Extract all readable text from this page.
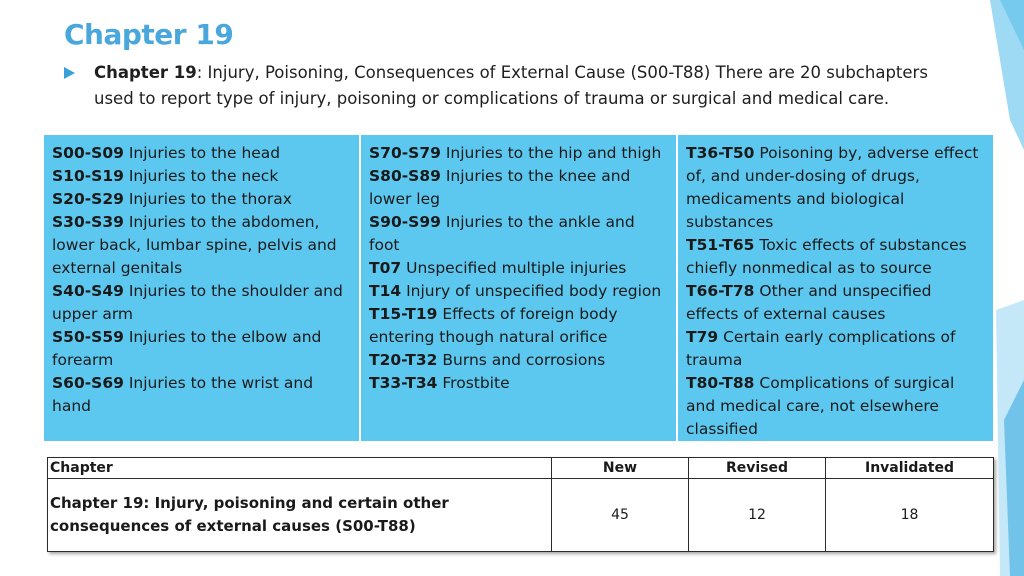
Chapter 19
Chapter 19: Injury, Poisoning, Consequences of External Cause (S00-T88) There are 20 subchapters used to report type of injury, poisoning or complications of trauma or surgical and medical care.
S00-S09 Injuries to the head
S10-S19 Injuries to the neck
S20-S29 Injuries to the thorax
S30-S39 Injuries to the abdomen, lower back, lumbar spine, pelvis and external genitals
S40-S49 Injuries to the shoulder and upper arm
S50-S59 Injuries to the elbow and forearm
S60-S69 Injuries to the wrist and hand
S70-S79 Injuries to the hip and thigh
S80-S89 Injuries to the knee and lower leg
S90-S99 Injuries to the ankle and foot
T07 Unspecified multiple injuries
T14 Injury of unspecified body region
T15-T19 Effects of foreign body entering though natural orifice
T20-T32 Burns and corrosions
T33-T34 Frostbite
T36-T50 Poisoning by, adverse effect of, and under-dosing of drugs, medicaments and biological substances
T51-T65 Toxic effects of substances chiefly nonmedical as to source
T66-T78 Other and unspecified effects of external causes
T79 Certain early complications of trauma
T80-T88 Complications of surgical and medical care, not elsewhere classified
Chapter	New	Revised	Invalidated
Chapter 19: Injury, poisoning and certain other consequences of external causes (S00-T88)	45	12	18
